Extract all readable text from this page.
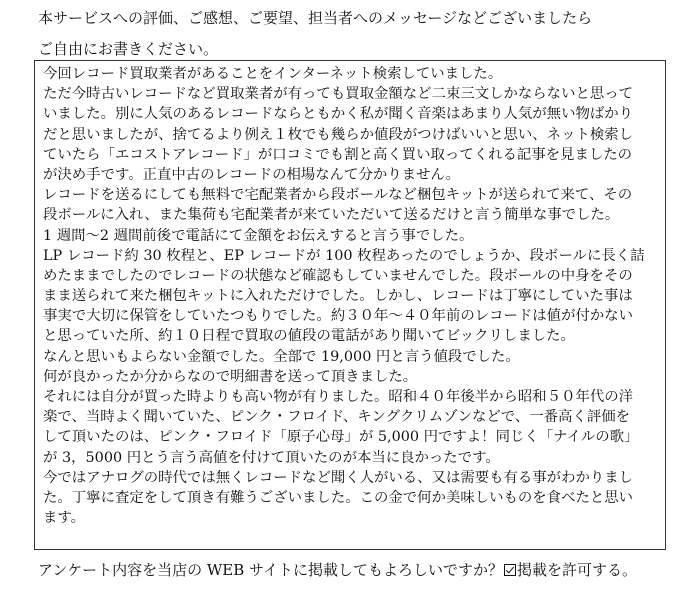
本サービスへの評価、ご感想、ご要望、担当者へのメッセージなどございましたら
ご自由にお書きください。
今回レコード買取業者があることをインターネット検索していました。
ただ今時古いレコードなど買取業者が有っても買取金額など二束三文しかならないと思って
いました。別に人気のあるレコードならともかく私が聞く音楽はあまり人気が無い物ばかり
だと思いましたが、捨てるより例え１枚でも幾らか値段がつけばいいと思い、ネット検索し
ていたら「エコストアレコード」が口コミでも割と高く買い取ってくれる記事を見ましたの
が決め手です。正直中古のレコードの相場なんて分かりません。
レコードを送るにしても無料で宅配業者から段ボールなど梱包キットが送られて来て、その
段ボールに入れ、また集荷も宅配業者が来ていただいて送るだけと言う簡単な事でした。
1 週間〜2 週間前後で電話にて金額をお伝えすると言う事でした。
LP レコード約 30 枚程と、EP レコードが 100 枚程あったのでしょうか、段ボールに長く詰
めたままでしたのでレコードの状態など確認もしていませんでした。段ボールの中身をその
まま送られて来た梱包キットに入れただけでした。しかし、レコードは丁寧にしていた事は
事実で大切に保管をしていたつもりでした。約３０年〜４０年前のレコードは値が付かない
と思っていた所、約１０日程で買取の値段の電話があり聞いてビックリしました。
なんと思いもよらない金額でした。全部で 19,000 円と言う値段でした。
何が良かったか分からなので明細書を送って頂きました。
それには自分が買った時よりも高い物が有りました。昭和４０年後半から昭和５０年代の洋
楽で、当時よく聞いていた、ピンク・フロイド、キングクリムゾンなどで、一番高く評価を
して頂いたのは、ピンク・フロイド「原子心母」が 5,000 円ですよ！同じく「ナイルの歌」
が 3，5000 円とう言う高値を付けて頂いたのが本当に良かったです。
今ではアナログの時代では無くレコードなど聞く人がいる、又は需要も有る事がわかりまし
た。丁寧に査定をして頂き有難うございました。この金で何か美味しいものを食べたと思い
ます。
アンケート内容を当店の WEB サイトに掲載してもよろしいですか？ 掲載を許可する。
